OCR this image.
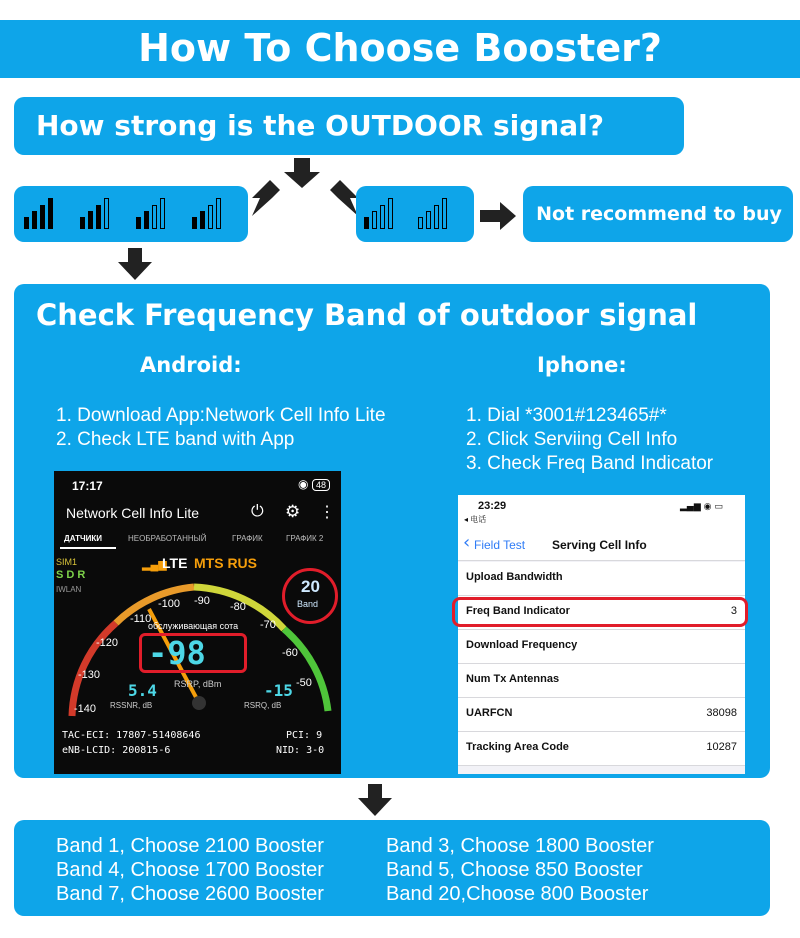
How To Choose Booster?
How strong is the OUTDOOR signal?
Not recommend to buy
Check Frequency Band of outdoor signal
Android:	Iphone:
1. Download App:Network Cell Info Lite
2. Check LTE band with App
1. Dial *3001#123465#*
2. Click Serviing Cell Info
3. Check Freq Band Indicator
17:17	◉ 48
Network Cell Info Lite	⏻ ⚙ ⋮
ДАТЧИКИ	НЕОБРАБОТАННЫЙ	ГРАФИК	ГРАФИК 2
SIM1
S D R
IWLAN
▂▄▆
LTE MTS RUS
-110
-100 -90 -80
-70
-60
-50
-120
-130
-140
обслуживающая сота
20
Band
-98
RSRP, dBm
5.4
RSSNR, dB
-15
RSRQ, dB
TAC-ECI: 17807-51408646
eNB-LCID: 200815-6
PCI: 9
NID: 3-0
23:29
◂ 电话
▂▄▆ ◉ ▭
‹ Field Test Serving Cell Info
Upload Bandwidth
Freq Band Indicator	3
Download Frequency
Num Tx Antennas
UARFCN	38098
Tracking Area Code	10287
Band 1, Choose 2100 Booster
Band 4, Choose 1700 Booster
Band 7, Choose 2600 Booster
Band 3, Choose 1800 Booster
Band 5, Choose 850 Booster
Band 20,Choose 800 Booster
